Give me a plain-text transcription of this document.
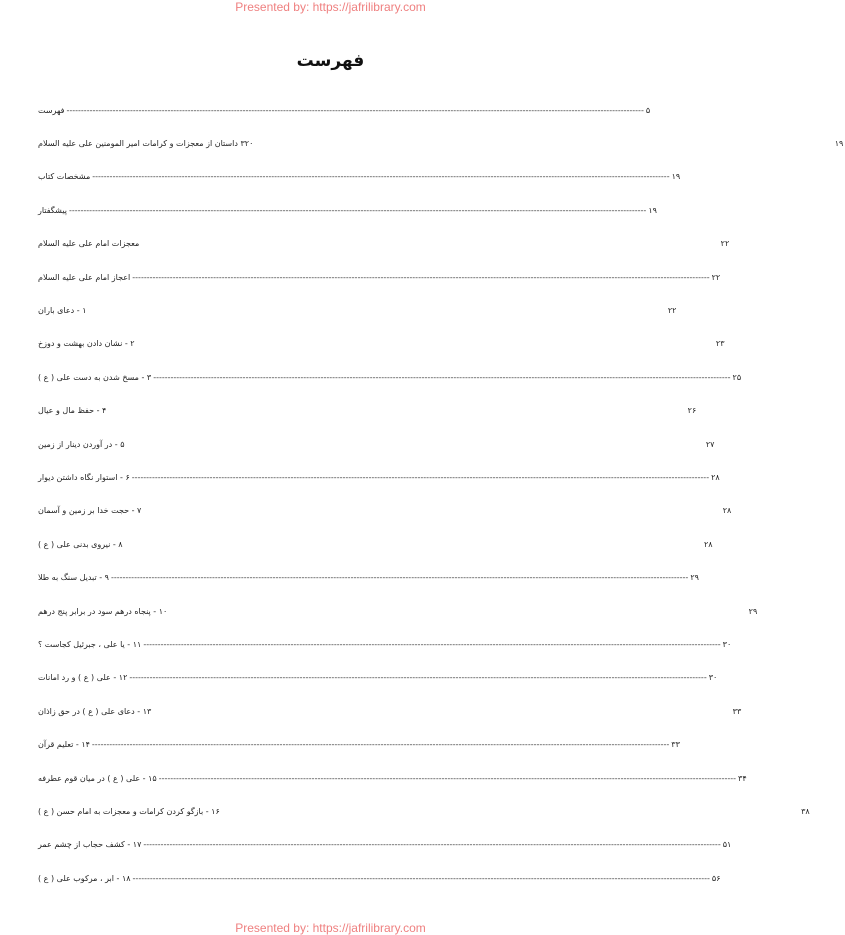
Presented by: https://jafrilibrary.com
فهرست
فهرست -------------------------------------------------------------------------------------------------------------------------------------------------------------------------------------------------------- ۵
۳۲۰ داستان از معجزات و کرامات امیر المومنین علی علیه السلام	۱۹
مشخصات کتاب -------------------------------------------------------------------------------------------------------------------------------------------------------------------------------------------------------- ۱۹
پیشگفتار -------------------------------------------------------------------------------------------------------------------------------------------------------------------------------------------------------- ۱۹
معجزات امام علی علیه السلام	۲۲
اعجاز امام علی علیه السلام -------------------------------------------------------------------------------------------------------------------------------------------------------------------------------------------------------- ۲۲
۱ - دعای باران	۲۲
۲ - نشان دادن بهشت و دوزخ	۲۳
۳ - مسخ شدن به دست علی ( ع ) -------------------------------------------------------------------------------------------------------------------------------------------------------------------------------------------------------- ۲۵
۴ - حفظ مال و عیال	۲۶
۵ - در آوردن دینار از زمین	۲۷
۶ - استوار نگاه داشتن دیوار -------------------------------------------------------------------------------------------------------------------------------------------------------------------------------------------------------- ۲۸
۷ - حجت خدا بر زمین و آسمان	۲۸
۸ - نیروی بدنی علی ( ع )	۲۸
۹ - تبدیل سنگ به طلا -------------------------------------------------------------------------------------------------------------------------------------------------------------------------------------------------------- ۲۹
۱۰ - پنجاه درهم سود در برابر پنج درهم	۲۹
۱۱ - یا علی ، جبرئیل کجاست ؟ -------------------------------------------------------------------------------------------------------------------------------------------------------------------------------------------------------- ۳۰
۱۲ - علی ( ع ) و رد امانات -------------------------------------------------------------------------------------------------------------------------------------------------------------------------------------------------------- ۳۰
۱۳ - دعای علی ( ع ) در حق زاذان	۳۳
۱۴ - تعلیم قرآن -------------------------------------------------------------------------------------------------------------------------------------------------------------------------------------------------------- ۳۳
۱۵ - علی ( ع ) در میان قوم عطرفه -------------------------------------------------------------------------------------------------------------------------------------------------------------------------------------------------------- ۳۴
۱۶ - بازگو کردن کرامات و معجزات به امام حسن ( ع )	۳۸
۱۷ - کشف حجاب از چشم عمر -------------------------------------------------------------------------------------------------------------------------------------------------------------------------------------------------------- ۵۱
۱۸ - ابر ، مرکوب علی ( ع ) -------------------------------------------------------------------------------------------------------------------------------------------------------------------------------------------------------- ۵۶
Presented by: https://jafrilibrary.com
